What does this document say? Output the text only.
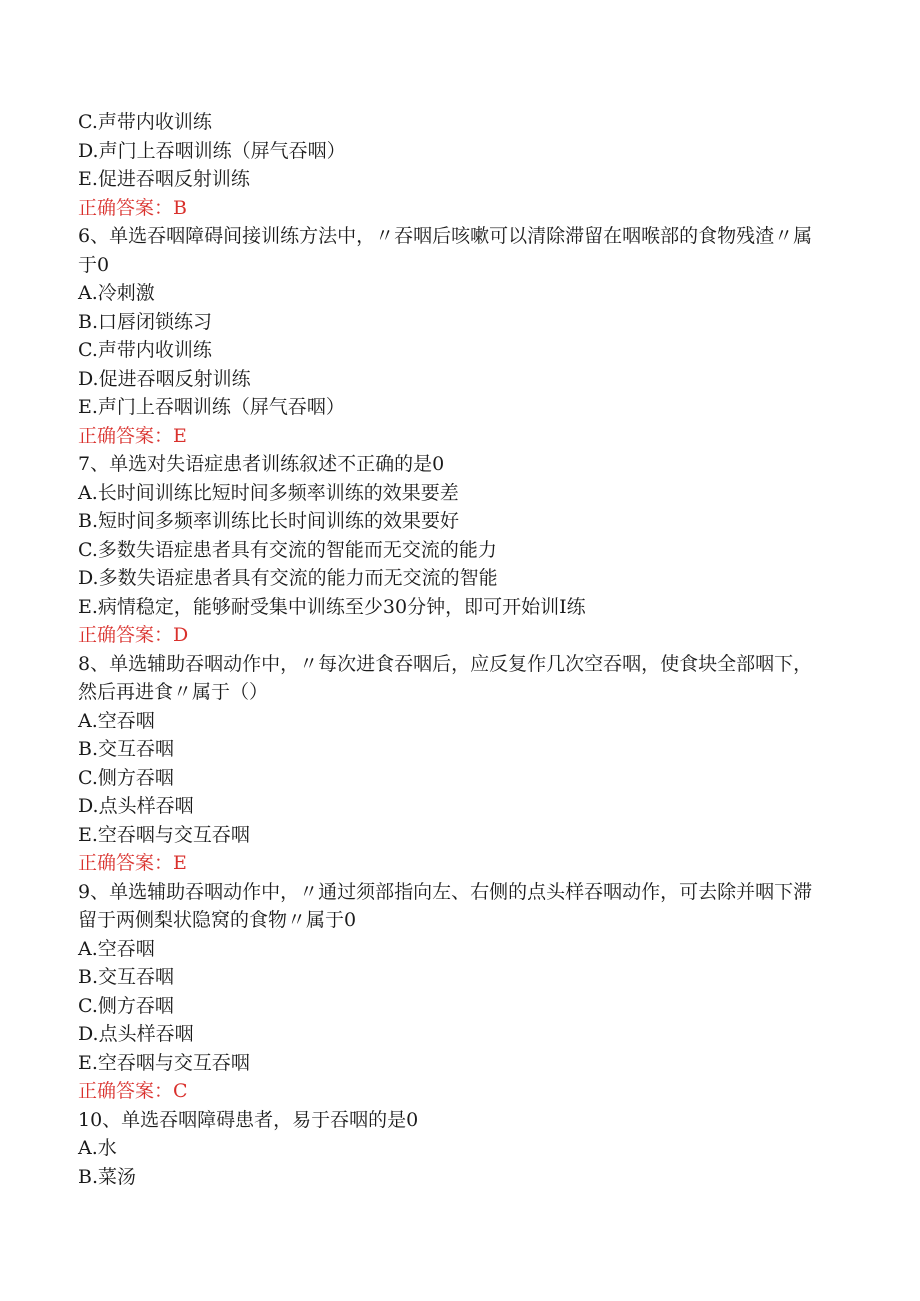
C.声带内收训练
D.声门上吞咽训练（屏气吞咽）
E.促进吞咽反射训练
正确答案：B
6、单选吞咽障碍间接训练方法中，〃吞咽后咳嗽可以清除滞留在咽喉部的食物残渣〃属于0
A.冷刺激
B.口唇闭锁练习
C.声带内收训练
D.促进吞咽反射训练
E.声门上吞咽训练（屏气吞咽）
正确答案：E
7、单选对失语症患者训练叙述不正确的是0
A.长时间训练比短时间多频率训练的效果要差
B.短时间多频率训练比长时间训练的效果要好
C.多数失语症患者具有交流的智能而无交流的能力
D.多数失语症患者具有交流的能力而无交流的智能
E.病情稳定，能够耐受集中训练至少30分钟，即可开始训I练
正确答案：D
8、单选辅助吞咽动作中，〃每次进食吞咽后，应反复作几次空吞咽，使食块全部咽下，然后再进食〃属于（）
A.空吞咽
B.交互吞咽
C.侧方吞咽
D.点头样吞咽
E.空吞咽与交互吞咽
正确答案：E
9、单选辅助吞咽动作中，〃通过须部指向左、右侧的点头样吞咽动作，可去除并咽下滞留于两侧梨状隐窝的食物〃属于0
A.空吞咽
B.交互吞咽
C.侧方吞咽
D.点头样吞咽
E.空吞咽与交互吞咽
正确答案：C
10、单选吞咽障碍患者，易于吞咽的是0
A.水
B.菜汤
